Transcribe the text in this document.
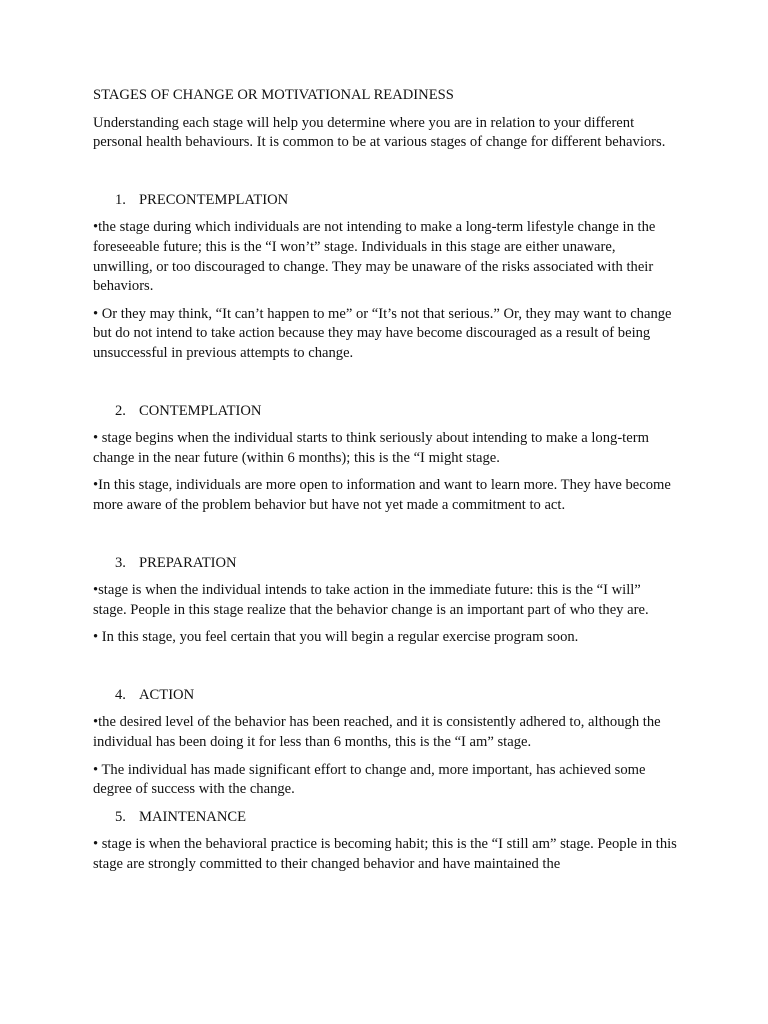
STAGES OF CHANGE OR MOTIVATIONAL READINESS

Understanding each stage will help you determine where you are in relation to your different personal health behaviours. It is common to be at various stages of change for different behaviors.

1. PRECONTEMPLATION

•the stage during which individuals are not intending to make a long-term lifestyle change in the foreseeable future; this is the “I won’t” stage. Individuals in this stage are either unaware, unwilling, or too discouraged to change. They may be unaware of the risks associated with their behaviors.

• Or they may think, “It can’t happen to me” or “It’s not that serious.” Or, they may want to change but do not intend to take action because they may have become discouraged as a result of being unsuccessful in previous attempts to change.

2. CONTEMPLATION

• stage begins when the individual starts to think seriously about intending to make a long-term change in the near future (within 6 months); this is the “I might stage.

•In this stage, individuals are more open to information and want to learn more. They have become more aware of the problem behavior but have not yet made a commitment to act.

3. PREPARATION

•stage is when the individual intends to take action in the immediate future: this is the “I will” stage. People in this stage realize that the behavior change is an important part of who they are.

• In this stage, you feel certain that you will begin a regular exercise program soon.

4. ACTION

•the desired level of the behavior has been reached, and it is consistently adhered to, although the individual has been doing it for less than 6 months, this is the “I am” stage.

• The individual has made significant effort to change and, more important, has achieved some degree of success with the change.

5. MAINTENANCE

• stage is when the behavioral practice is becoming habit; this is the “I still am” stage. People in this stage are strongly committed to their changed behavior and have maintained the
